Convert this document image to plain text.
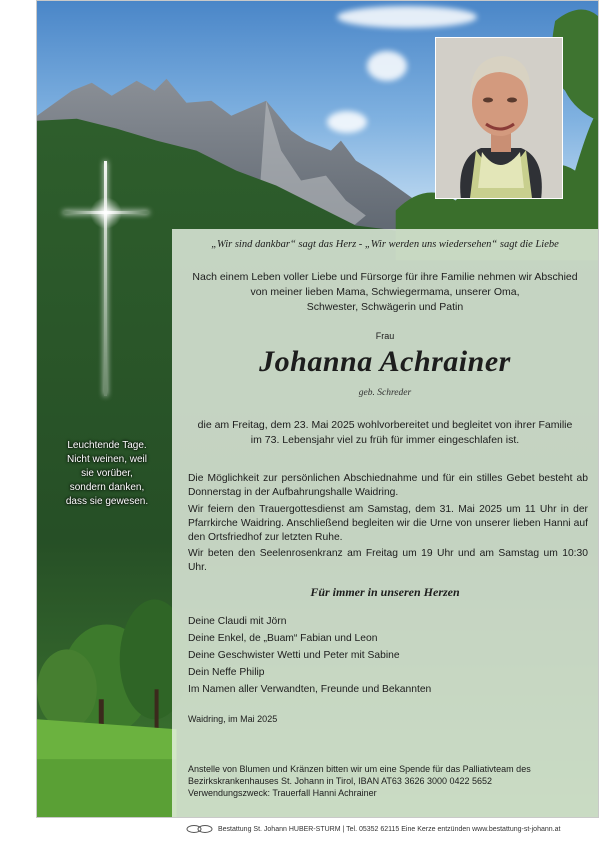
Leuchtende Tage.
Nicht weinen, weil
sie vorüber,
sondern danken,
dass sie gewesen.
„Wir sind dankbar“ sagt das Herz - „Wir werden uns wiedersehen“ sagt die Liebe
Nach einem Leben voller Liebe und Fürsorge für ihre Familie nehmen wir Abschied
von meiner lieben Mama, Schwiegermama, unserer Oma,
Schwester, Schwägerin und Patin
Frau
Johanna Achrainer
geb. Schreder
die am Freitag, dem 23. Mai 2025 wohlvorbereitet und begleitet von ihrer Familie
im 73. Lebensjahr viel zu früh für immer eingeschlafen ist.
Die Möglichkeit zur persönlichen Abschiednahme und für ein stilles Gebet besteht ab Donnerstag in der Aufbahrungshalle Waidring.
Wir feiern den Trauergottesdienst am Samstag, dem 31. Mai 2025 um 11 Uhr in der Pfarrkirche Waidring. Anschließend begleiten wir die Urne von unserer lieben Hanni auf den Ortsfriedhof zur letzten Ruhe.
Wir beten den Seelenrosenkranz am Freitag um 19 Uhr und am Samstag um 10:30 Uhr.
Für immer in unseren Herzen
Deine Claudi mit Jörn
Deine Enkel, de „Buam“ Fabian und Leon
Deine Geschwister Wetti und Peter mit Sabine
Dein Neffe Philip
Im Namen aller Verwandten, Freunde und Bekannten
Waidring, im Mai 2025
Anstelle von Blumen und Kränzen bitten wir um eine Spende für das Palliativteam des
Bezirkskrankenhauses St. Johann in Tirol, IBAN AT63 3626 3000 0422 5652
Verwendungszweck: Trauerfall Hanni Achrainer
Bestattung St. Johann HUBER-STURM | Tel. 05352 62115 Eine Kerze entzünden www.bestattung-st-johann.at
